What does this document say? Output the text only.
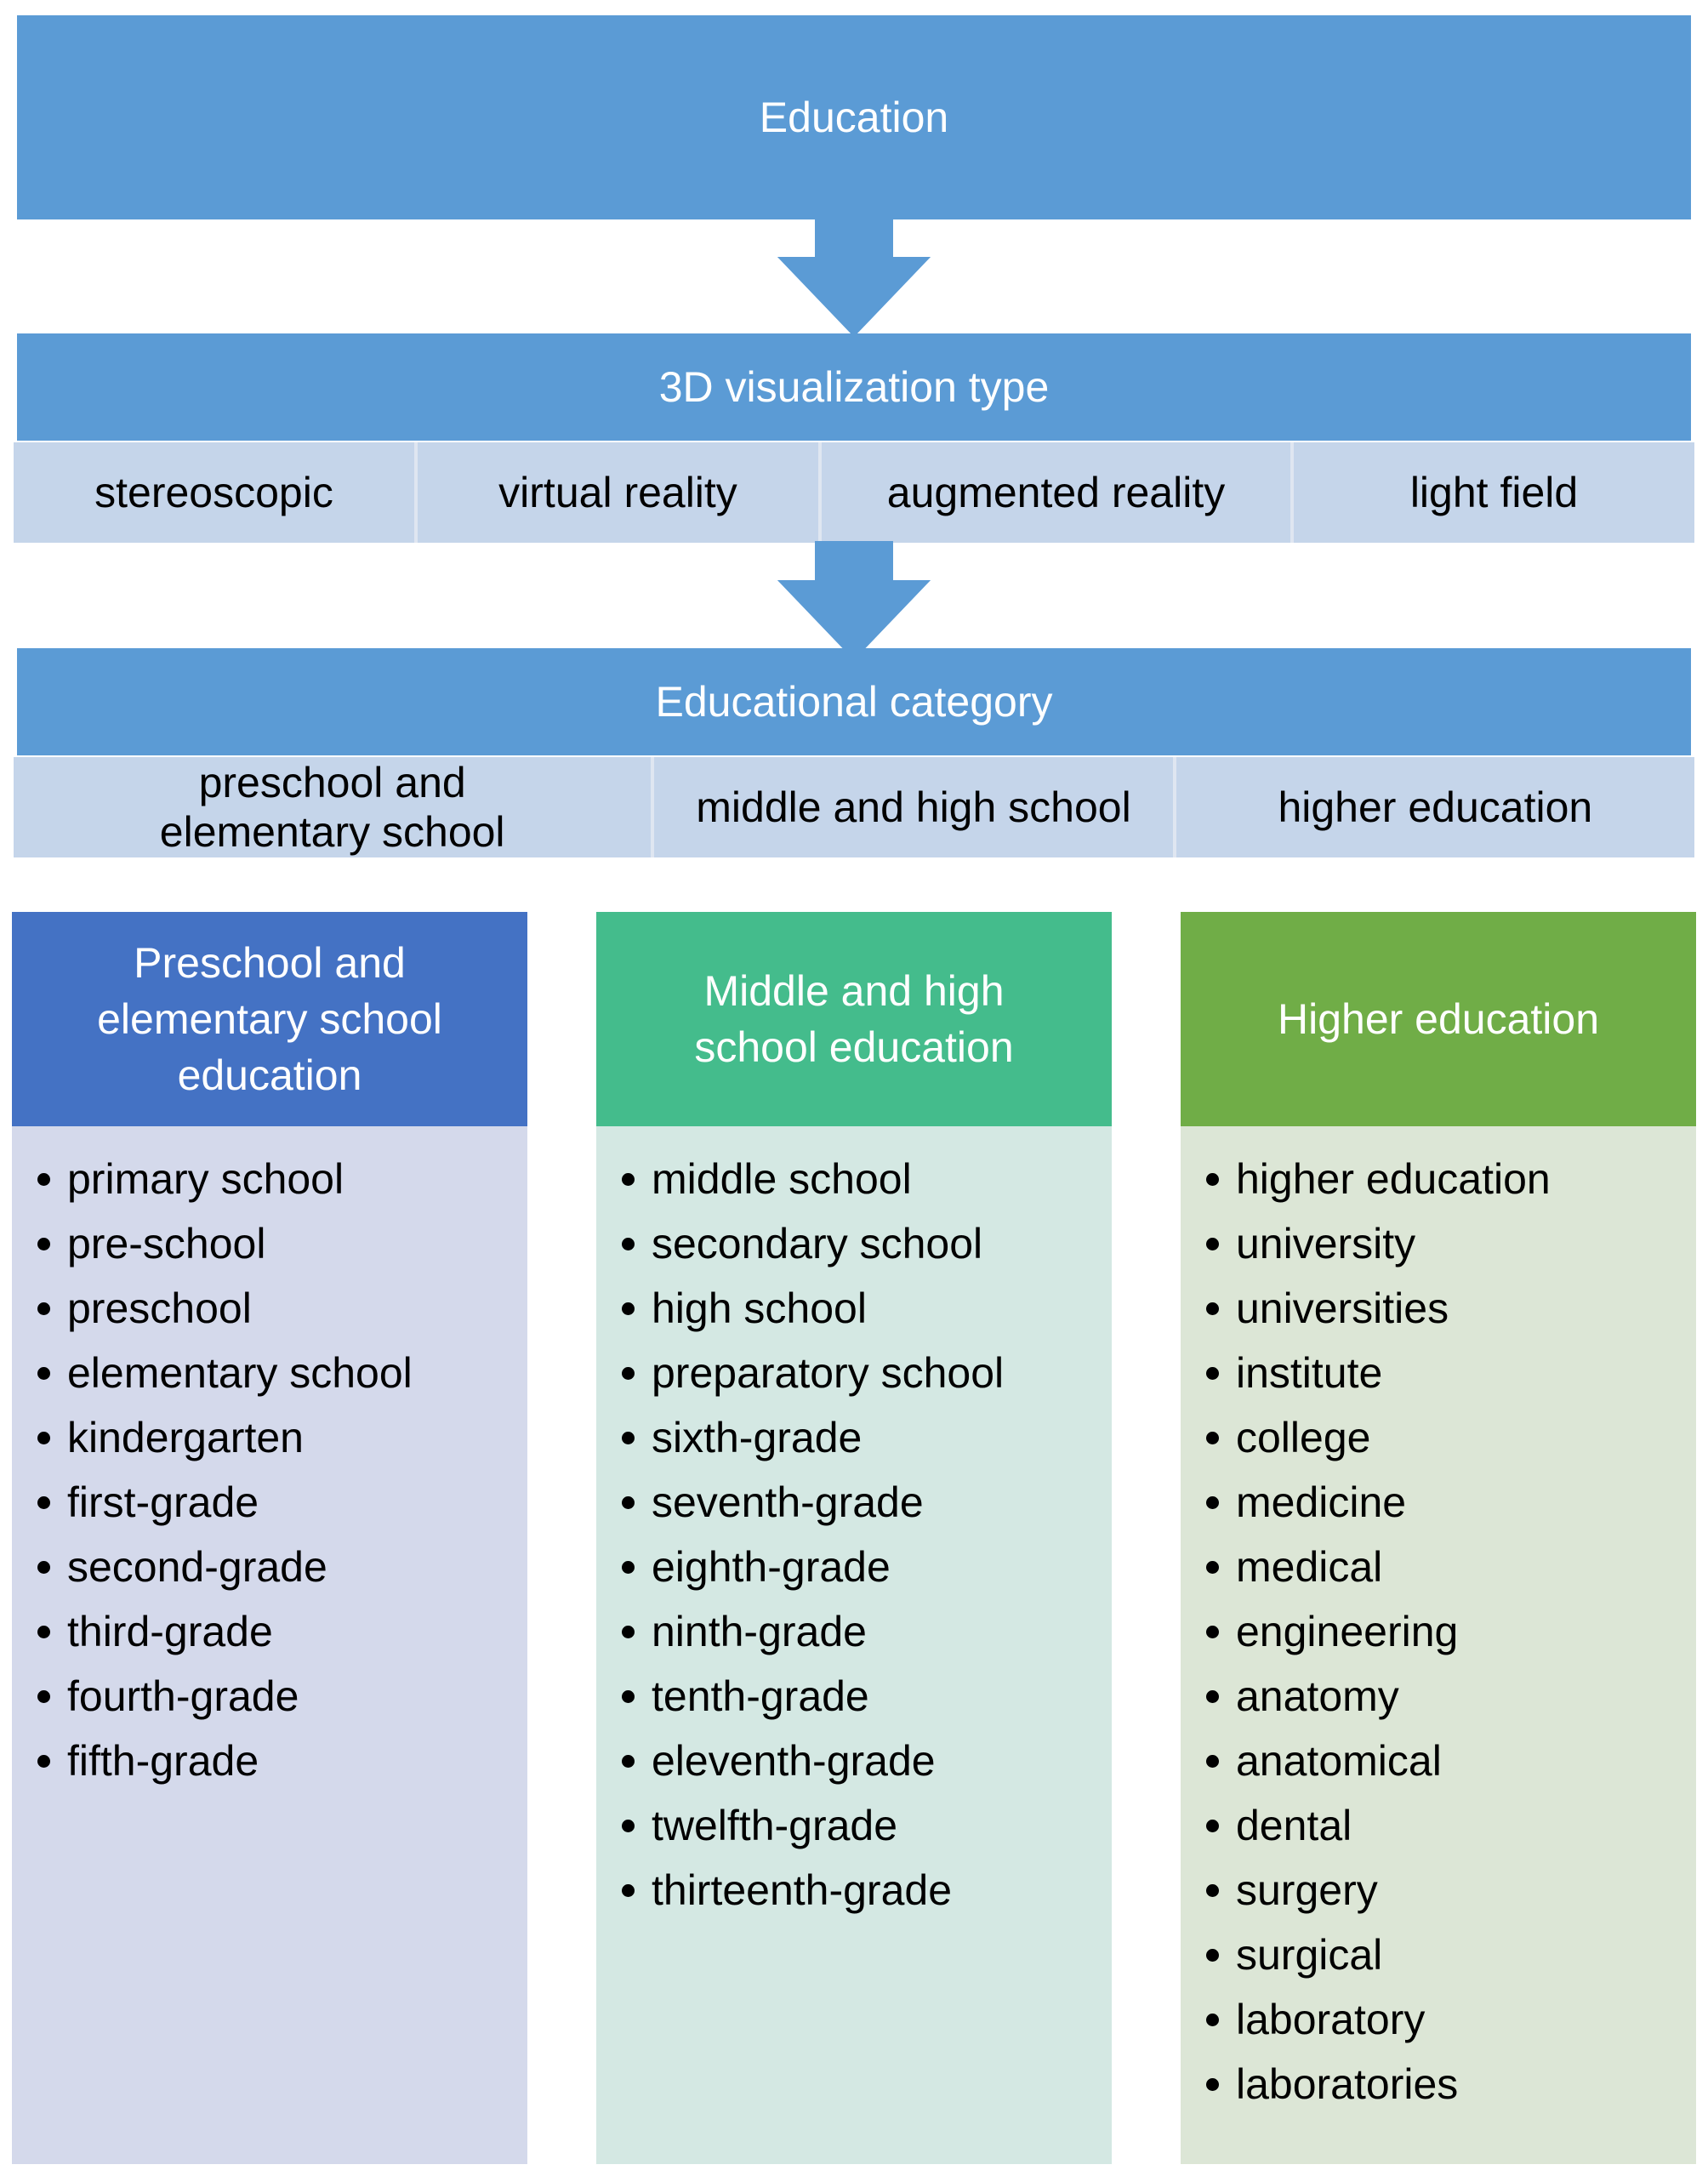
Education
3D visualization type
stereoscopic	virtual reality	augmented reality	light field
Educational category
preschool and elementary school
middle and high school	higher education
Preschool and elementary school education
primary school
pre-school
preschool
elementary school
kindergarten
first-grade
second-grade
third-grade
fourth-grade
fifth-grade
Middle and high school education
middle school
secondary school
high school
preparatory school
sixth-grade
seventh-grade
eighth-grade
ninth-grade
tenth-grade
eleventh-grade
twelfth-grade
thirteenth-grade
Higher education
higher education
university
universities
institute
college
medicine
medical
engineering
anatomy
anatomical
dental
surgery
surgical
laboratory
laboratories
